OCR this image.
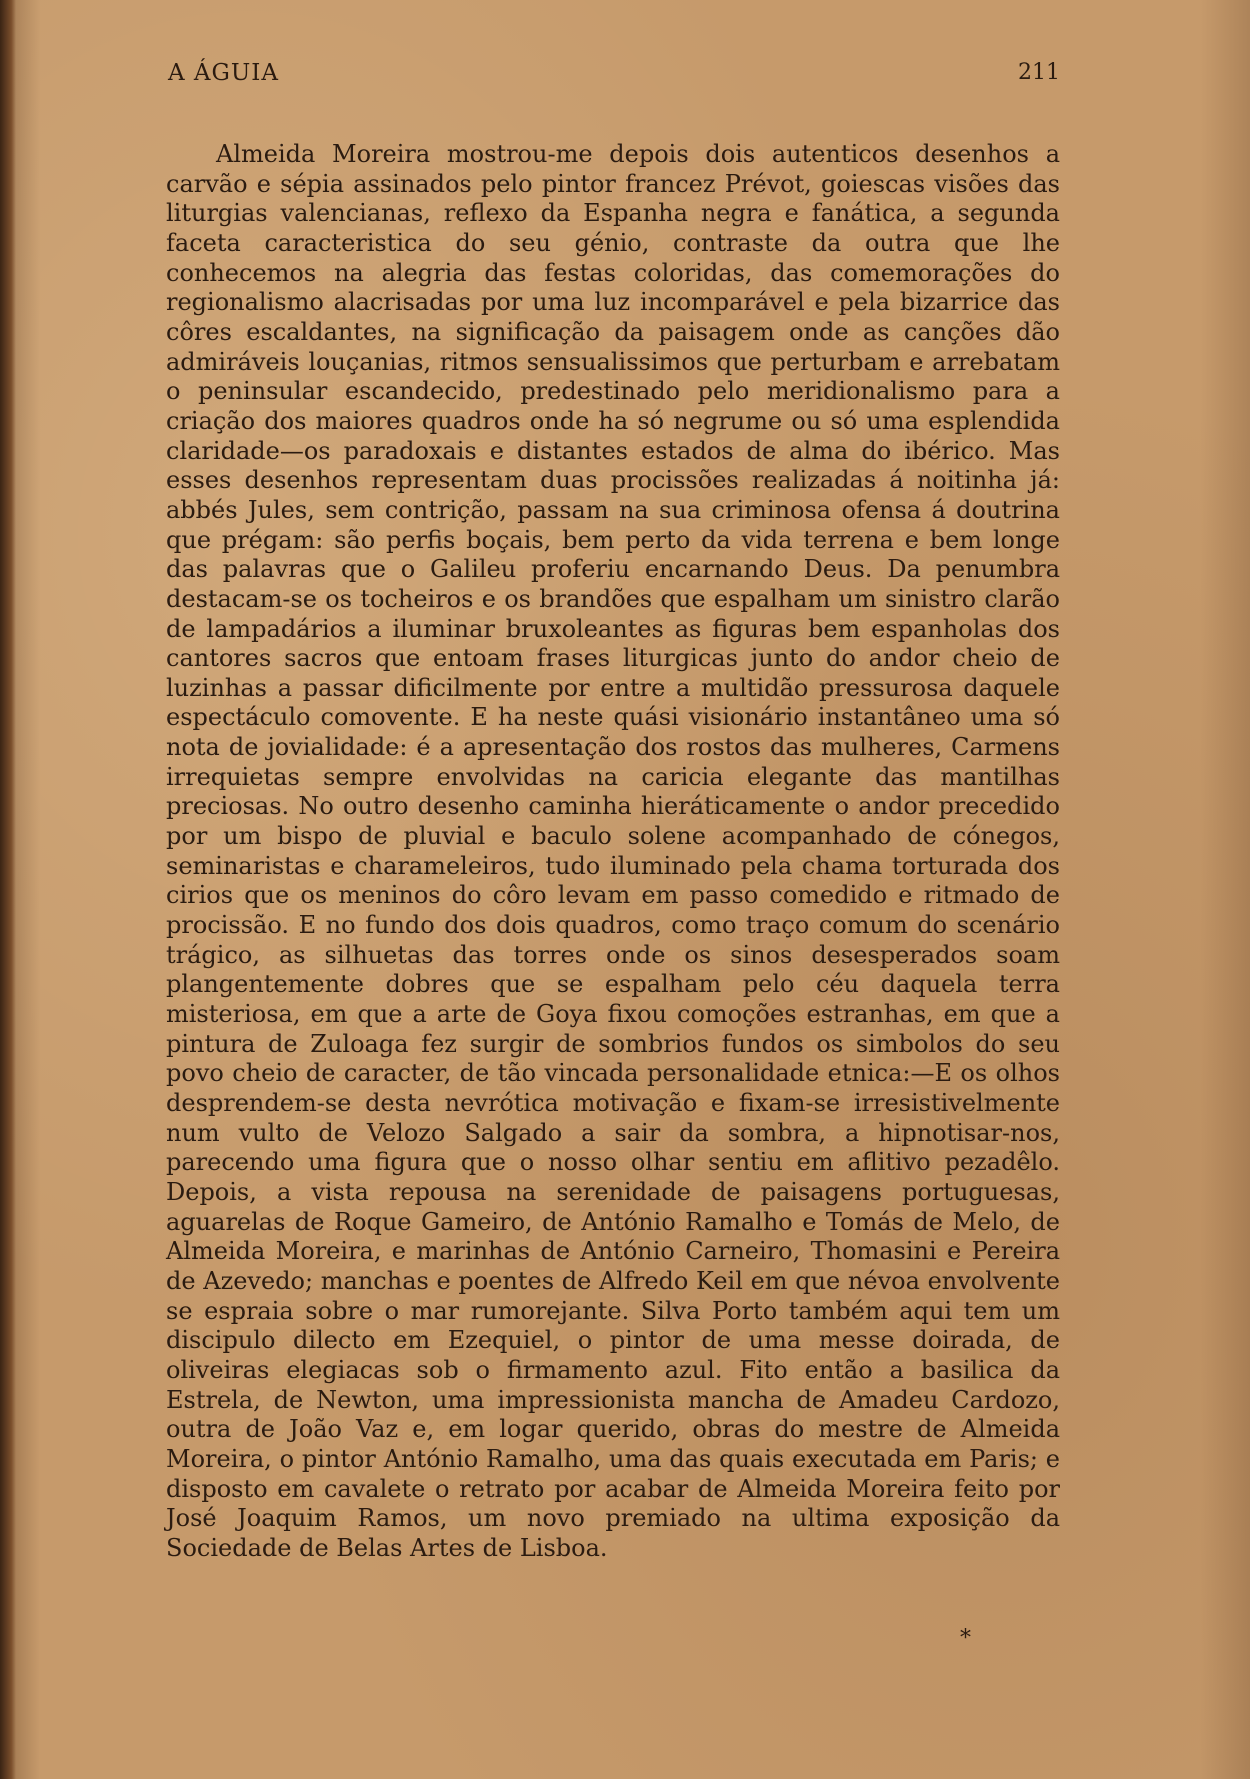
A ÁGUIA	211

Almeida Moreira mostrou-me depois dois autenticos desenhos a carvão e sépia assinados pelo pintor francez Prévot, goiescas visões das liturgias valencianas, reflexo da Espanha negra e fanática, a segunda faceta caracteristica do seu génio, contraste da outra que lhe conhecemos na alegria das festas coloridas, das comemorações do regionalismo alacrisadas por uma luz incomparável e pela bizarrice das côres escaldantes, na significação da paisagem onde as canções dão admiráveis louçanias, ritmos sensualissimos que perturbam e arrebatam o peninsular escandecido, predestinado pelo meridionalismo para a criação dos maiores quadros onde ha só negrume ou só uma esplendida claridade—os paradoxais e distantes estados de alma do ibérico. Mas esses desenhos representam duas procissões realizadas á noitinha já: abbés Jules, sem contrição, passam na sua criminosa ofensa á doutrina que prégam: são perfis boçais, bem perto da vida terrena e bem longe das palavras que o Galileu proferiu encarnando Deus. Da penumbra destacam-se os tocheiros e os brandões que espalham um sinistro clarão de lampadários a iluminar bruxoleantes as figuras bem espanholas dos cantores sacros que entoam frases liturgicas junto do andor cheio de luzinhas a passar dificilmente por entre a multidão pressurosa daquele espectáculo comovente. E ha neste quási visionário instantâneo uma só nota de jovialidade: é a apresentação dos rostos das mulheres, Carmens irrequietas sempre envolvidas na caricia elegante das mantilhas preciosas. No outro desenho caminha hieráticamente o andor precedido por um bispo de pluvial e baculo solene acompanhado de cónegos, seminaristas e charameleiros, tudo iluminado pela chama torturada dos cirios que os meninos do côro levam em passo comedido e ritmado de procissão. E no fundo dos dois quadros, como traço comum do scenário trágico, as silhuetas das torres onde os sinos desesperados soam plangentemente dobres que se espalham pelo céu daquela terra misteriosa, em que a arte de Goya fixou comoções estranhas, em que a pintura de Zuloaga fez surgir de sombrios fundos os simbolos do seu povo cheio de caracter, de tão vincada personalidade etnica:—E os olhos desprendem-se desta nevrótica motivação e fixam-se irresistivelmente num vulto de Velozo Salgado a sair da sombra, a hipnotisar-nos, parecendo uma figura que o nosso olhar sentiu em aflitivo pezadêlo. Depois, a vista repousa na serenidade de paisagens portuguesas, aguarelas de Roque Gameiro, de António Ramalho e Tomás de Melo, de Almeida Moreira, e marinhas de António Carneiro, Thomasini e Pereira de Azevedo; manchas e poentes de Alfredo Keil em que névoa envolvente se espraia sobre o mar rumorejante. Silva Porto também aqui tem um discipulo dilecto em Ezequiel, o pintor de uma messe doirada, de oliveiras elegiacas sob o firmamento azul. Fito então a basilica da Estrela, de Newton, uma impressionista mancha de Amadeu Cardozo, outra de João Vaz e, em logar querido, obras do mestre de Almeida Moreira, o pintor António Ramalho, uma das quais executada em Paris; e disposto em cavalete o retrato por acabar de Almeida Moreira feito por José Joaquim Ramos, um novo premiado na ultima exposição da Sociedade de Belas Artes de Lisboa.

*
